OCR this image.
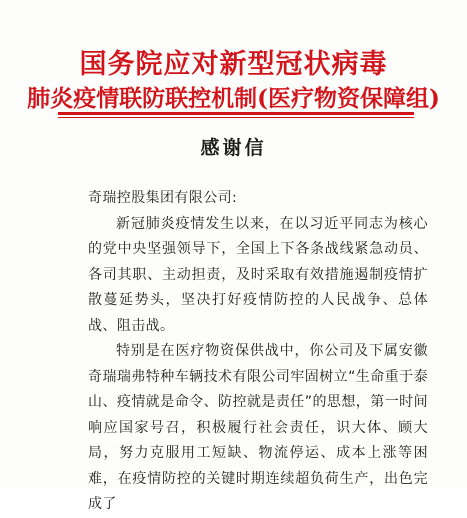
国务院应对新型冠状病毒
肺炎疫情联防联控机制(医疗物资保障组)
感谢信

奇瑞控股集团有限公司:

新冠肺炎疫情发生以来，在以习近平同志为核心的党中央坚强领导下，全国上下各条战线紧急动员、各司其职、主动担责，及时采取有效措施遏制疫情扩散蔓延势头，坚决打好疫情防控的人民战争、总体战、阻击战。

特别是在医疗物资保供战中，你公司及下属安徽奇瑞瑞弗特种车辆技术有限公司牢固树立“生命重于泰山、疫情就是命令、防控就是责任”的思想，第一时间响应国家号召，积极履行社会责任，识大体、顾大局，努力克服用工短缺、物流停运、成本上涨等困难，在疫情防控的关键时期连续超负荷生产，出色完成了
